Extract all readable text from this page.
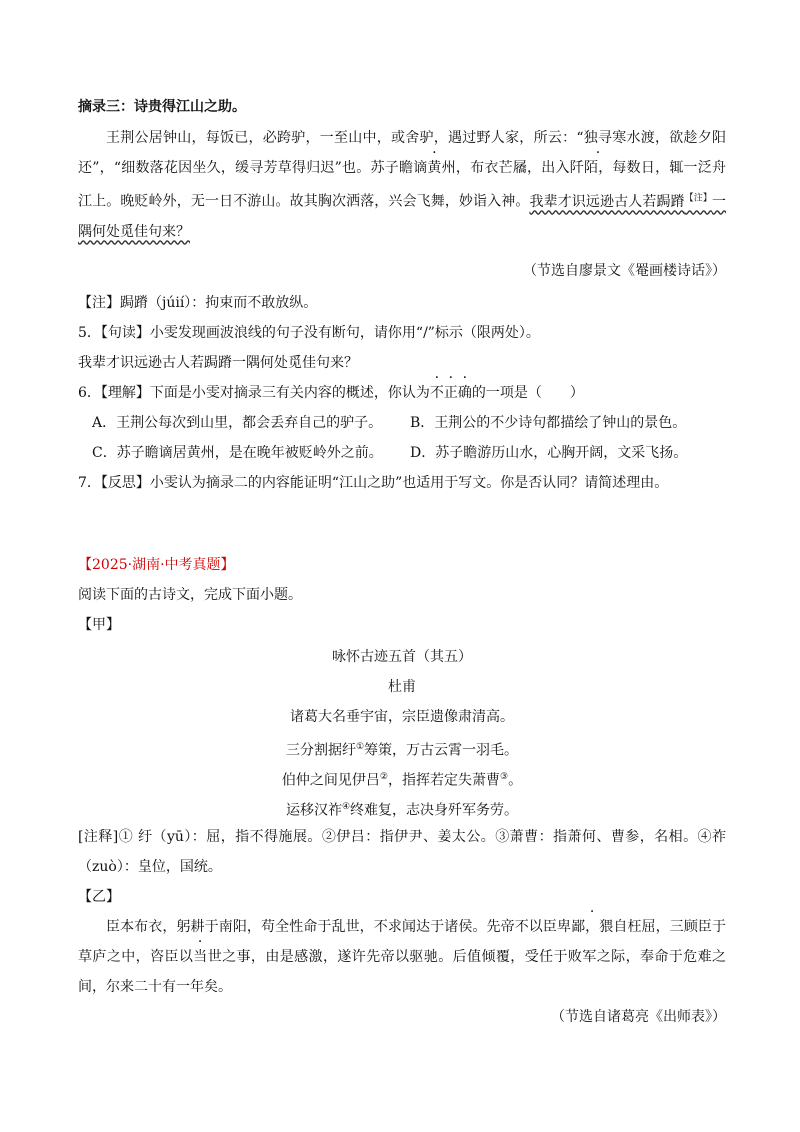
摘录三：诗贵得江山之助。
王荆公居钟山，每饭已，必跨驴，一至山中，或舍驴，遇过野人家，所云：“独寻寒水渡，欲趁夕阳还”，“细数落花因坐久，缓寻芳草得归迟”也。苏子瞻谪黄州，布衣芒屩，出入阡陌，每数日，辄一泛舟江上。晚贬岭外，无一日不游山。故其胸次洒落，兴会飞舞，妙诣入神。我辈才识远逊古人若跼蹐$^{【注】}$一隅何处觅佳句来？
（节选自廖景文《罨画楼诗话》）
【注】跼蹐（júií）：拘束而不敢放纵。
5．【句读】小雯发现画波浪线的句子没有断句，请你用“/”标示（限两处）。
我辈才识远逊古人若跼蹐一隅何处觅佳句来？
6．【理解】下面是小雯对摘录三有关内容的概述，你认为不正确的一项是（　　）
A．王荆公每次到山里，都会丢弃自己的驴子。	B．王荆公的不少诗句都描绘了钟山的景色。
C．苏子瞻谪居黄州，是在晚年被贬岭外之前。	D．苏子瞻游历山水，心胸开阔，文采飞扬。
7．【反思】小雯认为摘录二的内容能证明“江山之助”也适用于写文。你是否认同？请简述理由。
【2025·湖南·中考真题】
阅读下面的古诗文，完成下面小题。
【甲】
咏怀古迹五首（其五）
杜甫
诸葛大名垂宇宙，宗臣遗像肃清高。
三分割据纡①筹策，万古云霄一羽毛。
伯仲之间见伊吕②，指挥若定失萧曹③。
运移汉祚④终难复，志决身歼军务劳。
[注释]① 纡（yū）：屈，指不得施展。②伊吕：指伊尹、姜太公。③萧曹：指萧何、曹参，名相。④祚（zuò）：皇位，国统。
【乙】
臣本布衣，躬耕于南阳，苟全性命于乱世，不求闻达于诸侯。先帝不以臣卑鄙，猥自枉屈，三顾臣于草庐之中，咨臣以当世之事，由是感激，遂许先帝以驱驰。后值倾覆，受任于败军之际，奉命于危难之间，尔来二十有一年矣。
（节选自诸葛亮《出师表》）
